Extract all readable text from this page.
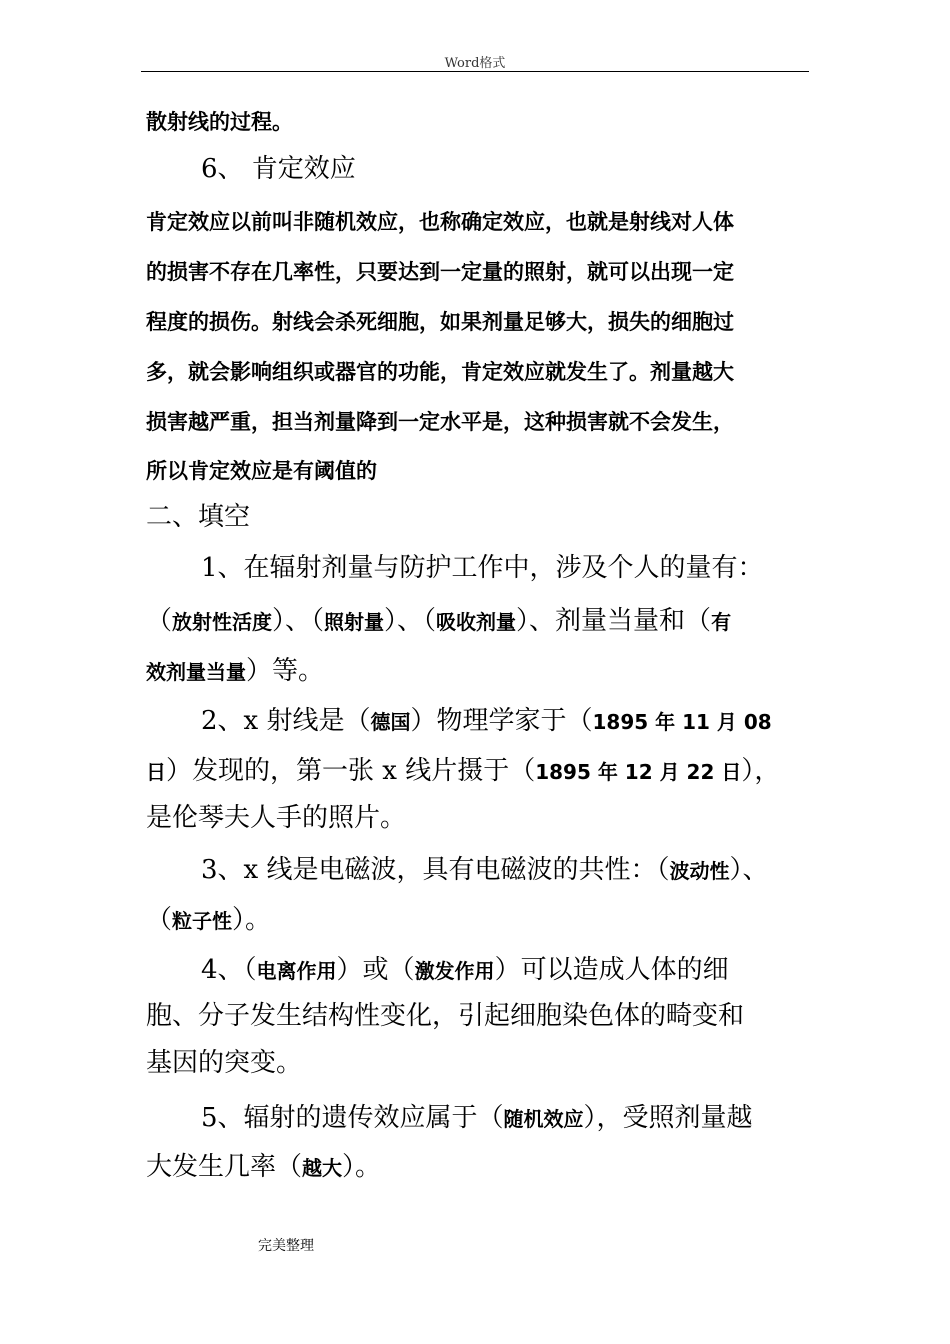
Word格式
散射线的过程。
6、 肯定效应
肯定效应以前叫非随机效应，也称确定效应，也就是射线对人体
的损害不存在几率性，只要达到一定量的照射，就可以出现一定
程度的损伤。射线会杀死细胞，如果剂量足够大，损失的细胞过
多，就会影响组织或器官的功能，肯定效应就发生了。剂量越大
损害越严重，担当剂量降到一定水平是，这种损害就不会发生，
所以肯定效应是有阈值的
二、填空
1、在辐射剂量与防护工作中，涉及个人的量有：
（放射性活度）、（照射量）、（吸收剂量）、剂量当量和（有
效剂量当量）等。
2、x 射线是（德国）物理学家于（1895 年 11 月 08
日）发现的，第一张 x 线片摄于（1895 年 12 月 22 日），
是伦琴夫人手的照片。
3、x 线是电磁波，具有电磁波的共性：（波动性）、
（粒子性）。
4、（电离作用）或（激发作用）可以造成人体的细
胞、分子发生结构性变化，引起细胞染色体的畸变和
基因的突变。
5、辐射的遗传效应属于（随机效应），受照剂量越
大发生几率（越大）。
完美整理
